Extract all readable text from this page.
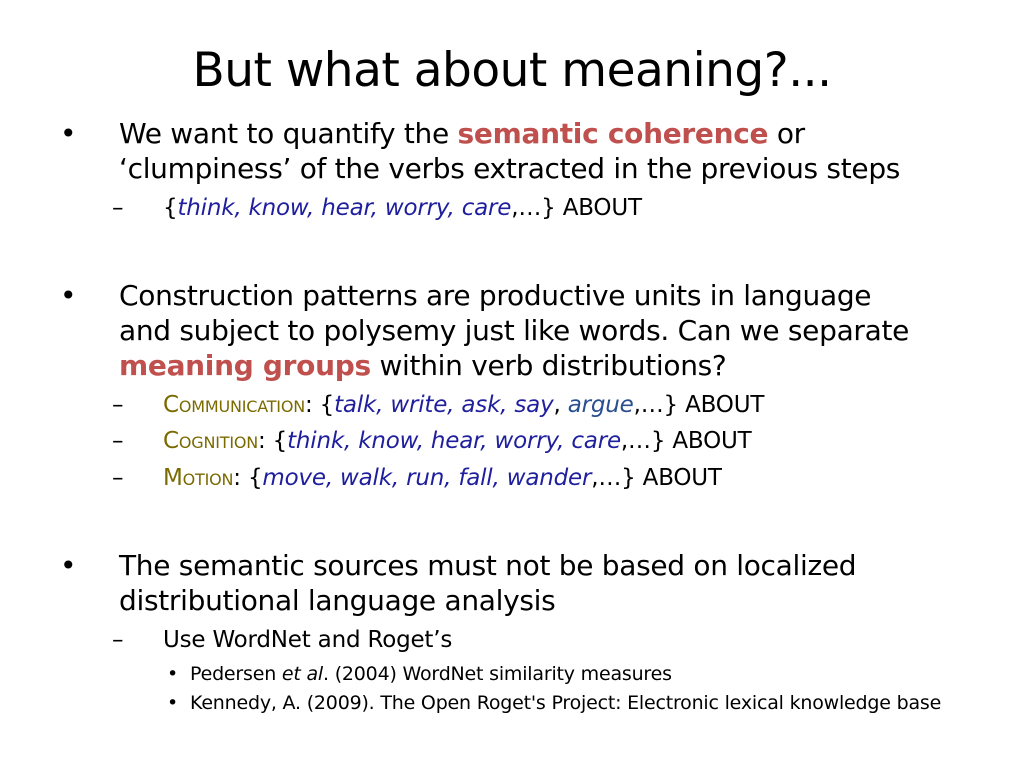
But what about meaning?...
• We want to quantify the semantic coherence or
‘clumpiness’ of the verbs extracted in the previous steps
– {think, know, hear, worry, care,…} ABOUT
• Construction patterns are productive units in language
and subject to polysemy just like words. Can we separate
meaning groups within verb distributions?
– Communication: {talk, write, ask, say, argue,…} ABOUT
– Cognition: {think, know, hear, worry, care,…} ABOUT
– Motion: {move, walk, run, fall, wander,…} ABOUT
• The semantic sources must not be based on localized
distributional language analysis
– Use WordNet and Roget’s
• Pedersen et al. (2004) WordNet similarity measures
• Kennedy, A. (2009). The Open Roget's Project: Electronic lexical knowledge base
